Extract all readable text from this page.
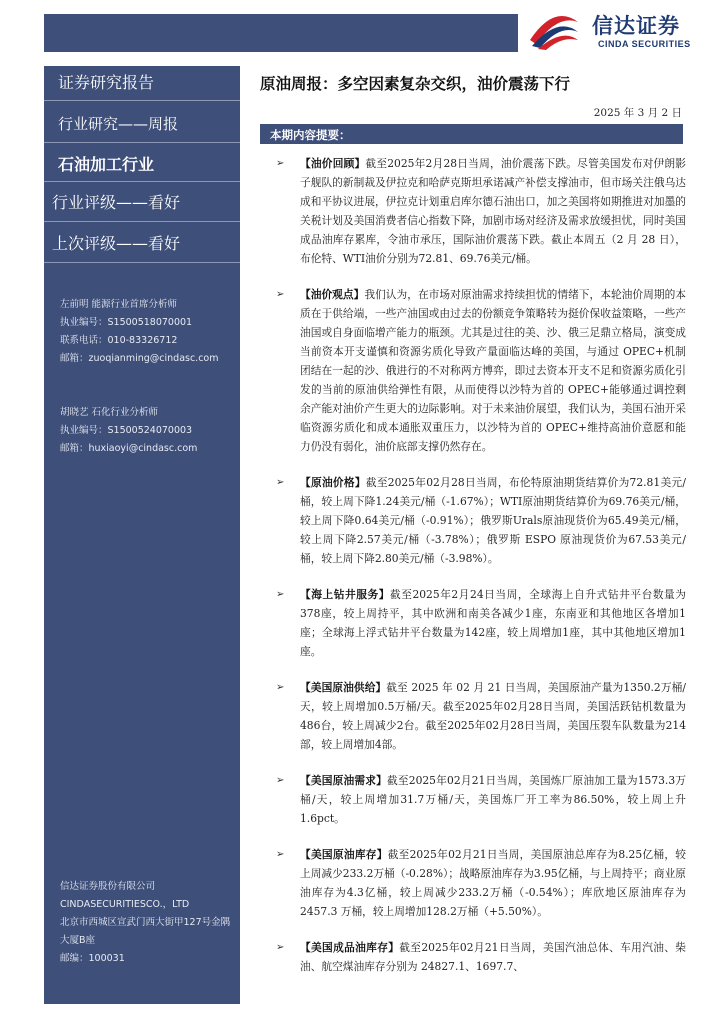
信达证券
CINDA SECURITIES
证券研究报告
行业研究——周报
石油加工行业
行业评级——看好
上次评级——看好
左前明 能源行业首席分析师
执业编号：S1500518070001
联系电话：010-83326712
邮箱：zuoqianming@cindasc.com
胡晓艺 石化行业分析师
执业编号：S1500524070003
邮箱：huxiaoyi@cindasc.com
信达证券股份有限公司
CINDASECURITIESCO.，LTD
北京市西城区宣武门西大街甲127号金隅
大厦B座
邮编：100031
原油周报：多空因素复杂交织，油价震荡下行
2025 年 3 月 2 日
本期内容提要：
➢ 【油价回顾】截至2025年2月28日当周，油价震荡下跌。尽管美国发布对伊朗影子舰队的新制裁及伊拉克和哈萨克斯坦承诺减产补偿支撑油市，但市场关注俄乌达成和平协议进展，伊拉克计划重启库尔德石油出口，加之美国将如期推进对加墨的关税计划及美国消费者信心指数下降，加剧市场对经济及需求放缓担忧，同时美国成品油库存累库，令油市承压，国际油价震荡下跌。截止本周五（2 月 28 日），布伦特、WTI油价分别为72.81、69.76美元/桶。
➢ 【油价观点】我们认为，在市场对原油需求持续担忧的情绪下，本轮油价周期的本质在于供给端，一些产油国或由过去的份额竞争策略转为挺价保收益策略，一些产油国或自身面临增产能力的瓶颈。尤其是过往的美、沙、俄三足鼎立格局，演变成当前资本开支谨慎和资源劣质化导致产量面临达峰的美国，与通过 OPEC+机制团结在一起的沙、俄进行的不对称两方博弈，即过去资本开支不足和资源劣质化引发的当前的原油供给弹性有限，从而使得以沙特为首的 OPEC+能够通过调控剩余产能对油价产生更大的边际影响。对于未来油价展望，我们认为，美国石油开采临资源劣质化和成本通胀双重压力，以沙特为首的 OPEC+维持高油价意愿和能力仍没有弱化，油价底部支撑仍然存在。
➢ 【原油价格】截至2025年02月28日当周，布伦特原油期货结算价为72.81美元/桶，较上周下降1.24美元/桶（-1.67%）；WTI原油期货结算价为69.76美元/桶，较上周下降0.64美元/桶（-0.91%）；俄罗斯Urals原油现货价为65.49美元/桶，较上周下降2.57美元/桶（-3.78%）；俄罗斯 ESPO 原油现货价为67.53美元/桶，较上周下降2.80美元/桶（-3.98%）。
➢ 【海上钻井服务】截至2025年2月24日当周，全球海上自升式钻井平台数量为378座，较上周持平，其中欧洲和南美各减少1座，东南亚和其他地区各增加1座；全球海上浮式钻井平台数量为142座，较上周增加1座，其中其他地区增加1座。
➢ 【美国原油供给】截至 2025 年 02 月 21 日当周，美国原油产量为1350.2万桶/天，较上周增加0.5万桶/天。截至2025年02月28日当周，美国活跃钻机数量为486台，较上周减少2台。截至2025年02月28日当周，美国压裂车队数量为214部，较上周增加4部。
➢ 【美国原油需求】截至2025年02月21日当周，美国炼厂原油加工量为1573.3万桶/天，较上周增加31.7万桶/天，美国炼厂开工率为86.50%，较上周上升1.6pct。
➢ 【美国原油库存】截至2025年02月21日当周，美国原油总库存为8.25亿桶，较上周减少233.2万桶（-0.28%）；战略原油库存为3.95亿桶，与上周持平；商业原油库存为4.3亿桶，较上周减少233.2万桶（-0.54%）；库欣地区原油库存为 2457.3 万桶，较上周增加128.2万桶（+5.50%）。
➢ 【美国成品油库存】截至2025年02月21日当周，美国汽油总体、车用汽油、柴油、航空煤油库存分别为 24827.1、1697.7、
